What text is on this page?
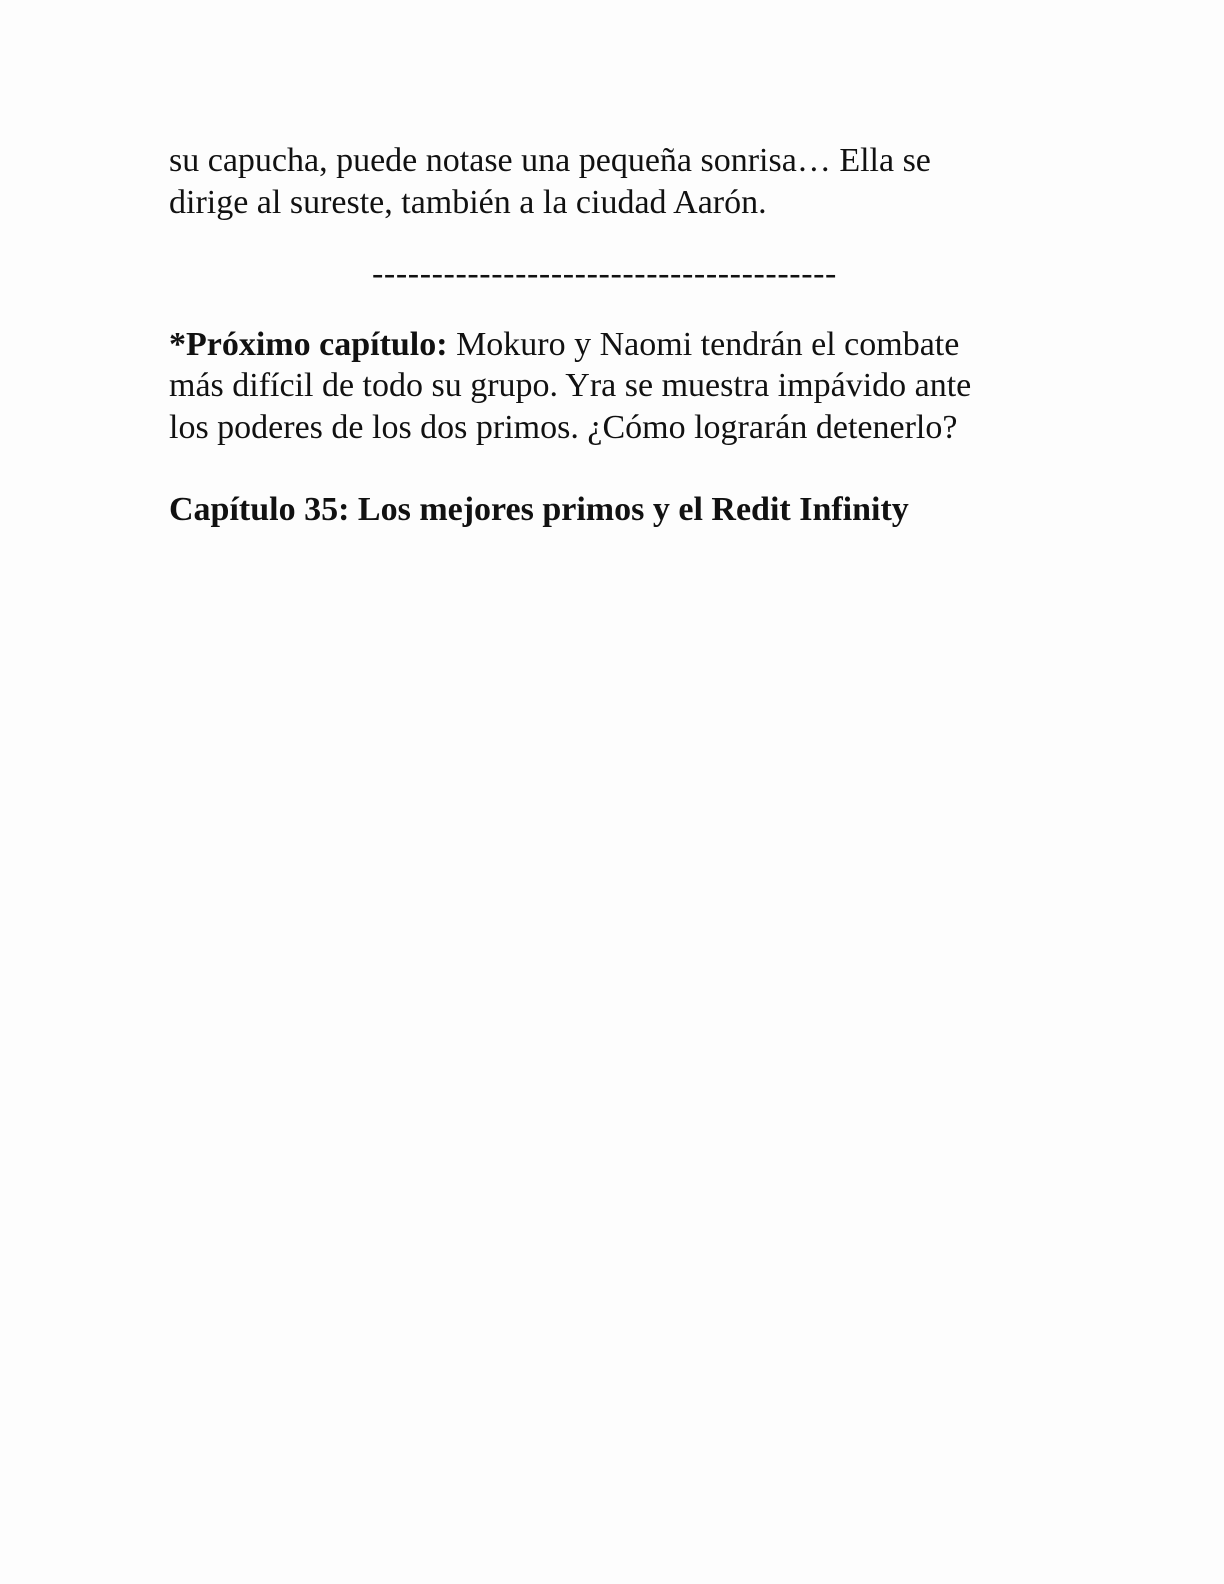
su capucha, puede notase una pequeña sonrisa… Ella se

dirige al sureste, también a la ciudad Aarón.

---------------------------------------

*Próximo capítulo: Mokuro y Naomi tendrán el combate

más difícil de todo su grupo. Yra se muestra impávido ante

los poderes de los dos primos. ¿Cómo lograrán detenerlo?

Capítulo 35: Los mejores primos y el Redit Infinity
